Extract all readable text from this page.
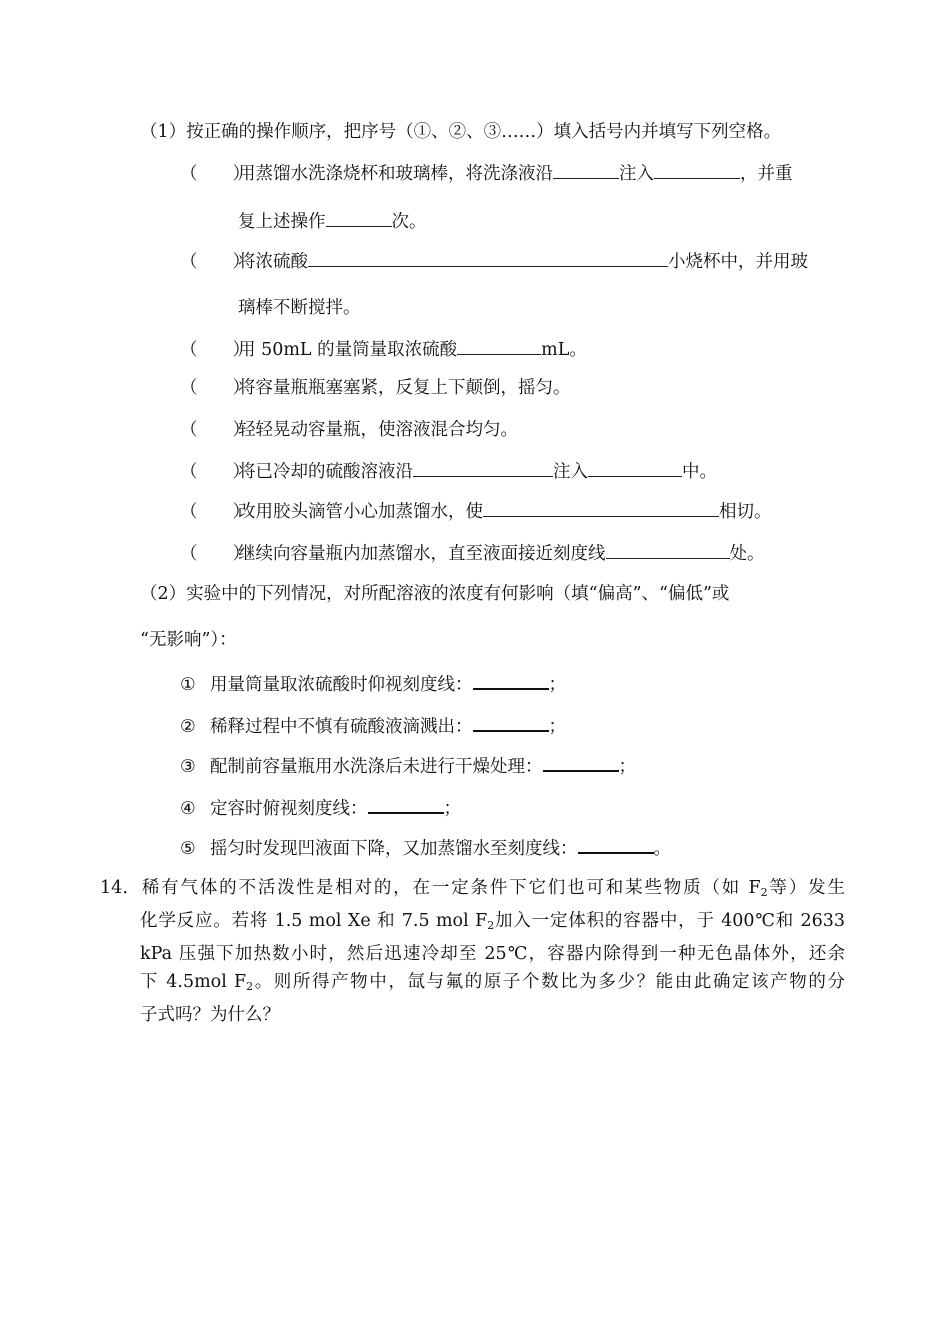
（1）按正确的操作顺序，把序号（①、②、③……）填入括号内并填写下列空格。
（　　）用蒸馏水洗涤烧杯和玻璃棒，将洗涤液沿	注入	，并重
复上述操作	次。
（　　）将浓硫酸	小烧杯中，并用玻
璃棒不断搅拌。
（　　）用 50mL 的量筒量取浓硫酸	mL。
（　　）将容量瓶瓶塞塞紧，反复上下颠倒，摇匀。
（　　）轻轻晃动容量瓶，使溶液混合均匀。
（　　）将已冷却的硫酸溶液沿	注入	中。
（　　）改用胶头滴管小心加蒸馏水，使	相切。
（　　）继续向容量瓶内加蒸馏水，直至液面接近刻度线	处。
（2）实验中的下列情况，对所配溶液的浓度有何影响（填“偏高”、“偏低”或
“无影响”）：
① 用量筒量取浓硫酸时仰视刻度线：	；
② 稀释过程中不慎有硫酸液滴溅出：	；
③ 配制前容量瓶用水洗涤后未进行干燥处理：	；
④ 定容时俯视刻度线：	；
⑤ 摇匀时发现凹液面下降，又加蒸馏水至刻度线：	。
14．稀有气体的不活泼性是相对的，在一定条件下它们也可和某些物质（如 $F_2$等）发生
化学反应。若将 1.5 mol Xe 和 7.5 mol $F_2$加入一定体积的容器中，于 400℃和 2633
kPa 压强下加热数小时，然后迅速冷却至 25℃，容器内除得到一种无色晶体外，还余
下 4.5mol $F_2$。则所得产物中，氙与氟的原子个数比为多少？能由此确定该产物的分
子式吗？为什么？
